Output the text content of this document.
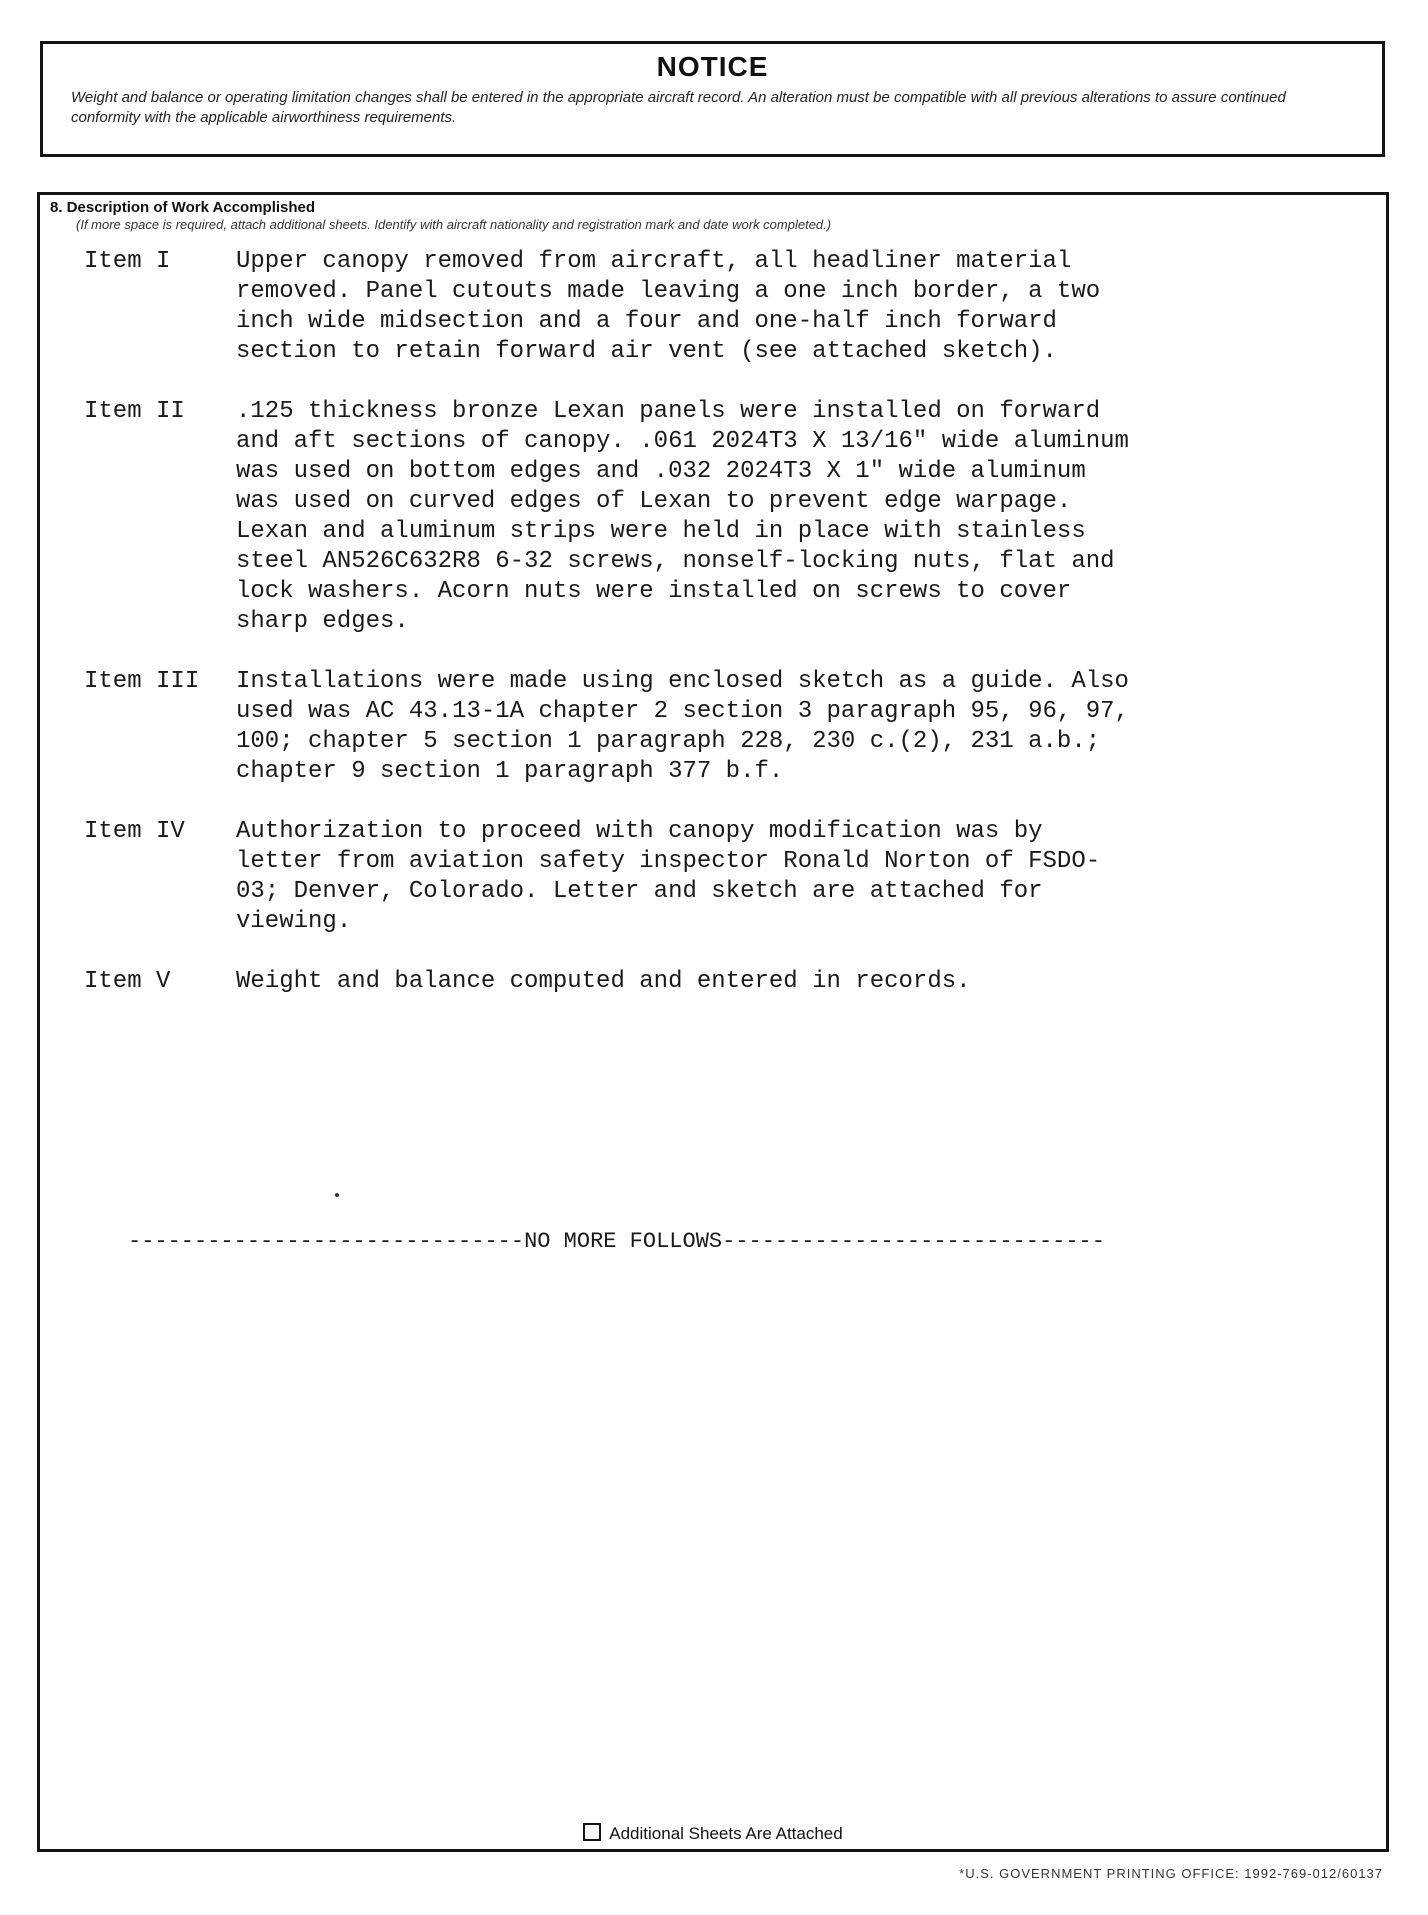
NOTICE
Weight and balance or operating limitation changes shall be entered in the appropriate aircraft record. An alteration must be compatible with all previous alterations to assure continued conformity with the applicable airworthiness requirements.
8. Description of Work Accomplished
(If more space is required, attach additional sheets. Identify with aircraft nationality and registration mark and date work completed.)
Item I	Upper canopy removed from aircraft, all headliner material removed. Panel cutouts made leaving a one inch border, a two inch wide midsection and a four and one-half inch forward section to retain forward air vent (see attached sketch).
Item II	.125 thickness bronze Lexan panels were installed on forward and aft sections of canopy. .061 2024T3 X 13/16" wide aluminum was used on bottom edges and .032 2024T3 X 1" wide aluminum was used on curved edges of Lexan to prevent edge warpage. Lexan and aluminum strips were held in place with stainless steel AN526C632R8 6-32 screws, nonself-locking nuts, flat and lock washers. Acorn nuts were installed on screws to cover sharp edges.
Item III	Installations were made using enclosed sketch as a guide. Also used was AC 43.13-1A chapter 2 section 3 paragraph 95, 96, 97, 100; chapter 5 section 1 paragraph 228, 230 c.(2), 231 a.b.; chapter 9 section 1 paragraph 377 b.f.
Item IV	Authorization to proceed with canopy modification was by letter from aviation safety inspector Ronald Norton of FSDO-03; Denver, Colorado. Letter and sketch are attached for viewing.
Item V	Weight and balance computed and entered in records.
------------------------------NO MORE FOLLOWS-----------------------------
Additional Sheets Are Attached
*U.S. GOVERNMENT PRINTING OFFICE: 1992-769-012/60137
